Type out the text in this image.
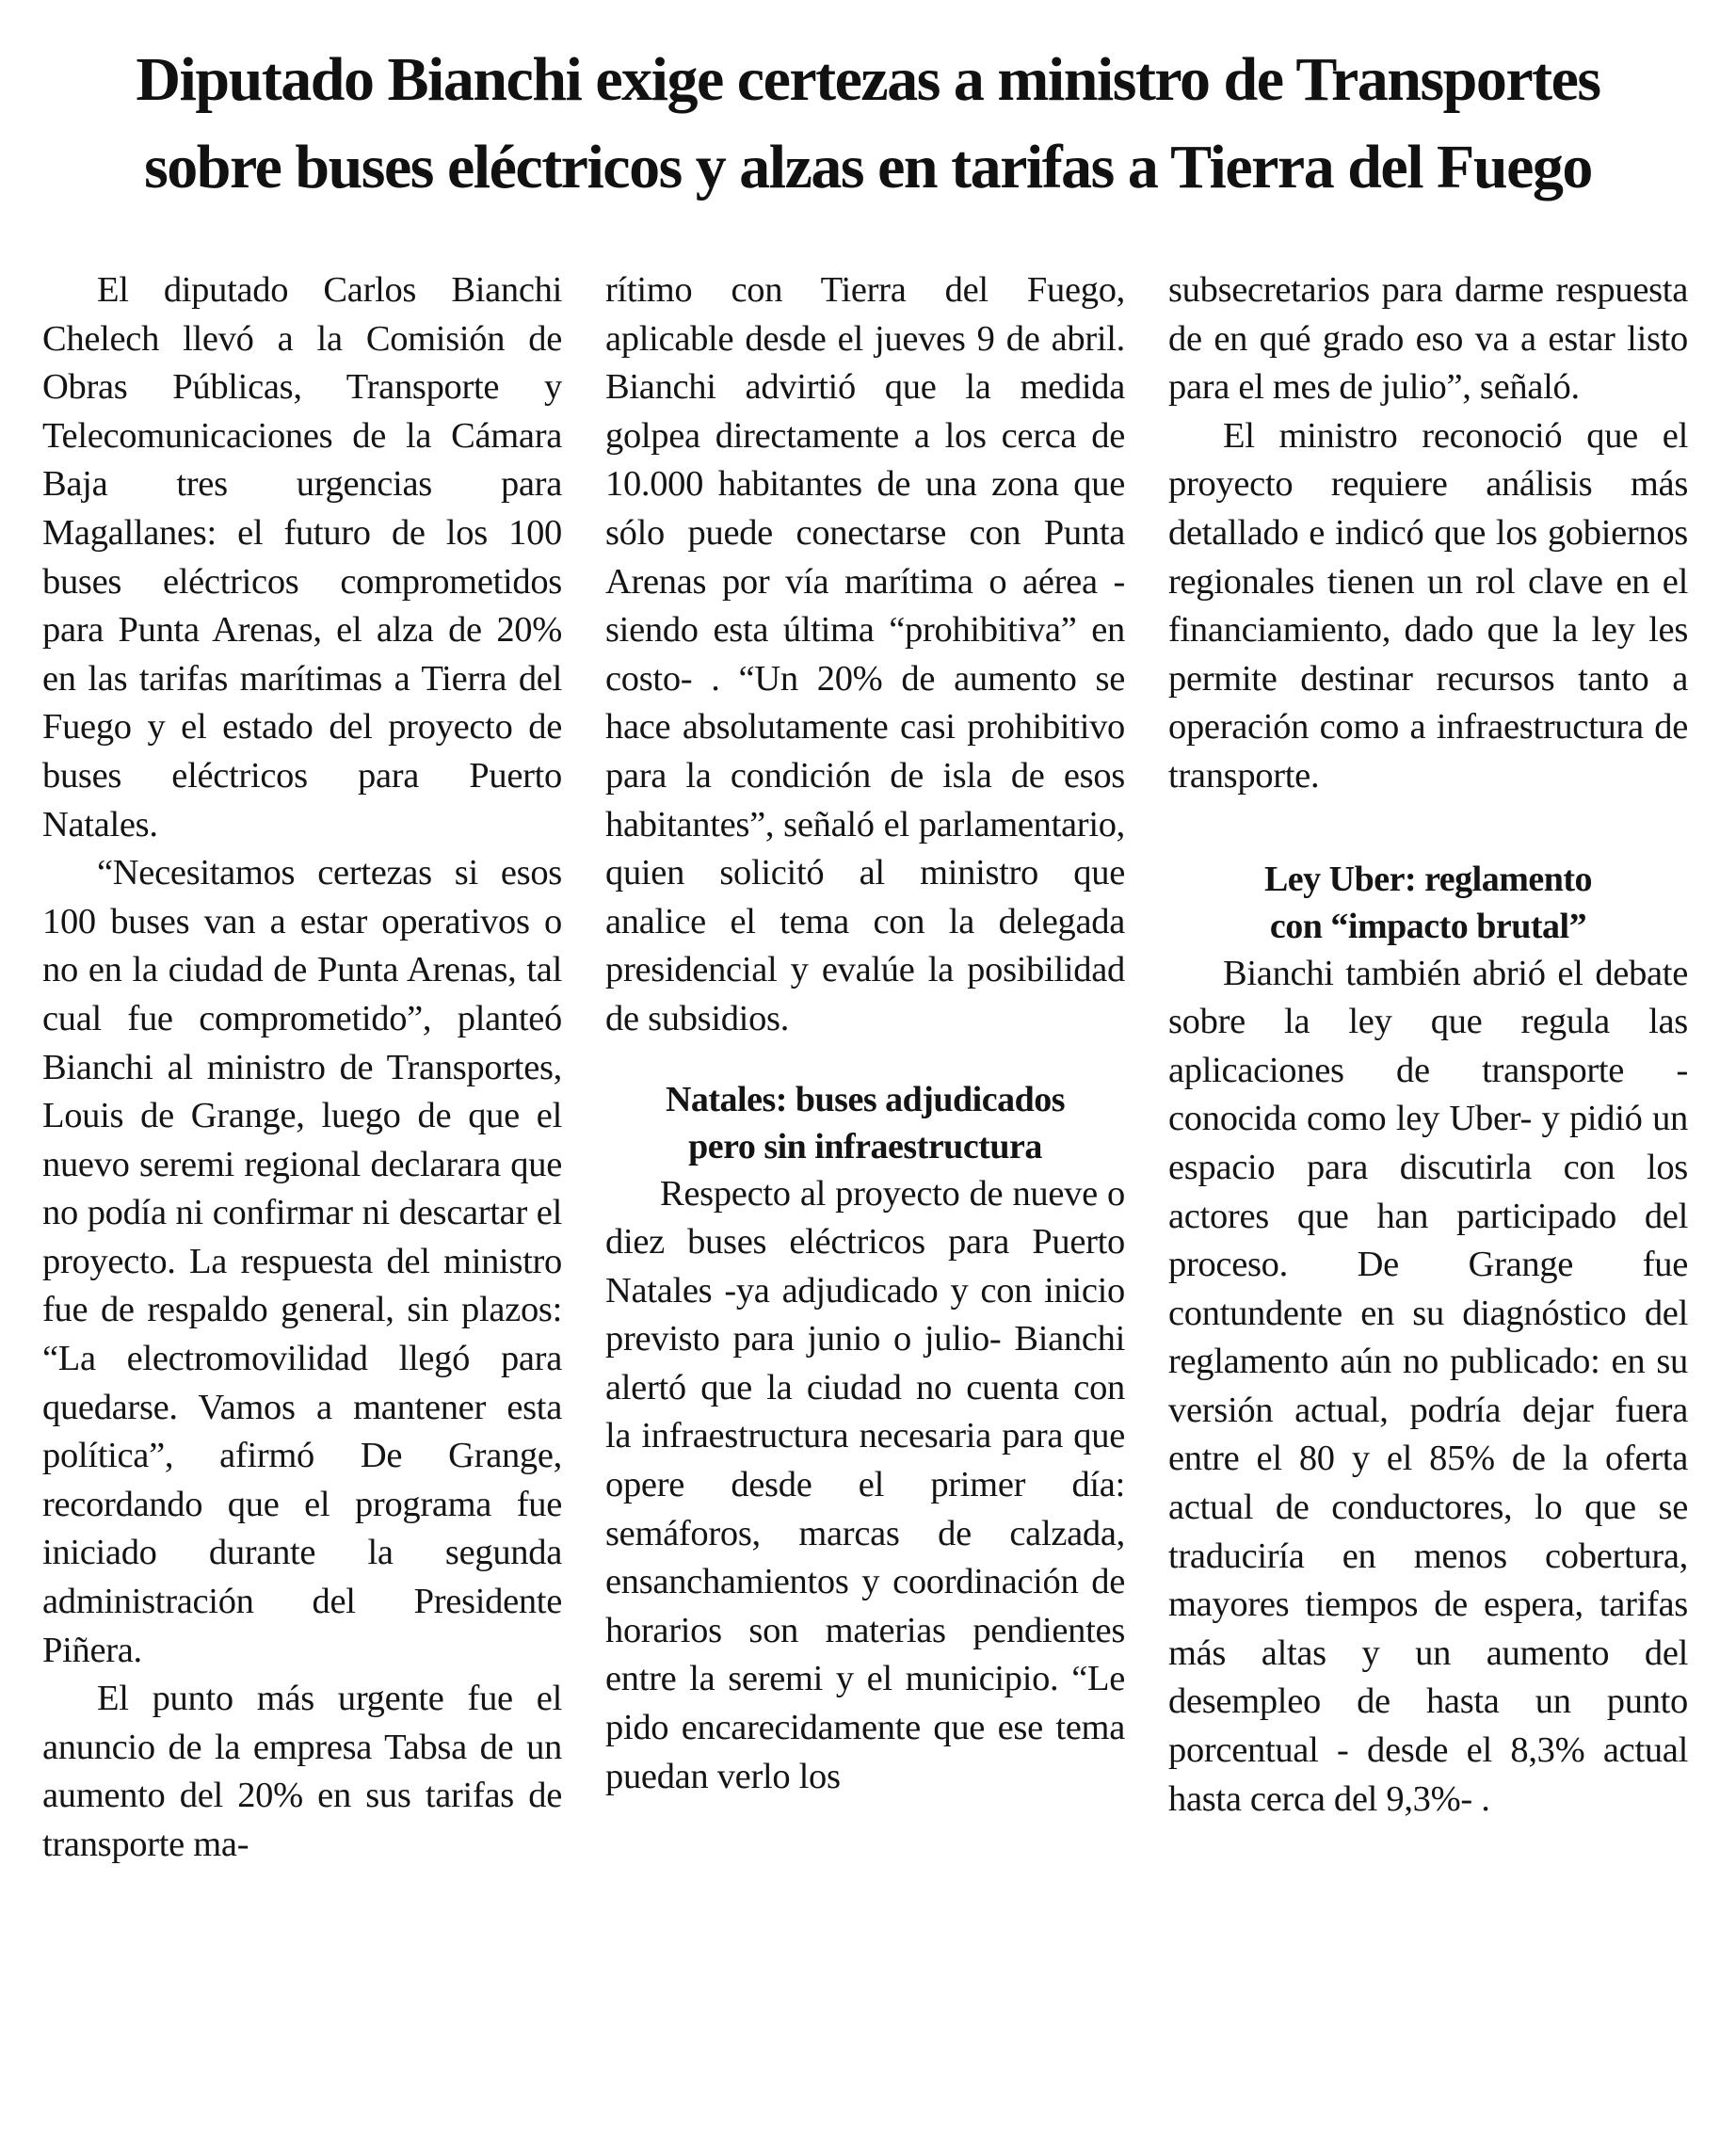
Diputado Bianchi exige certezas a ministro de Transportes
sobre buses eléctricos y alzas en tarifas a Tierra del Fuego

El diputado Carlos Bianchi Chelech llevó a la Comisión de Obras Públicas, Transporte y Telecomunicaciones de la Cámara Baja tres urgencias para Magallanes: el futuro de los 100 buses eléctricos comprometidos para Punta Arenas, el alza de 20% en las tarifas marítimas a Tierra del Fuego y el estado del proyecto de buses eléctricos para Puerto Natales.

“Necesitamos certezas si esos 100 buses van a estar operativos o no en la ciudad de Punta Arenas, tal cual fue comprometido”, planteó Bianchi al ministro de Transportes, Louis de Grange, luego de que el nuevo seremi regional declarara que no podía ni confirmar ni descartar el proyecto. La respuesta del ministro fue de respaldo general, sin plazos: “La electromovilidad llegó para quedarse. Vamos a mantener esta política”, afirmó De Grange, recordando que el programa fue iniciado durante la segunda administración del Presidente Piñera.

El punto más urgente fue el anuncio de la empresa Tabsa de un aumento del 20% en sus tarifas de transporte ma-

rítimo con Tierra del Fuego, aplicable desde el jueves 9 de abril. Bianchi advirtió que la medida golpea directamente a los cerca de 10.000 habitantes de una zona que sólo puede conectarse con Punta Arenas por vía marítima o aérea -siendo esta última “prohibitiva” en costo- . “Un 20% de aumento se hace absolutamente casi prohibitivo para la condición de isla de esos habitantes”, señaló el parlamentario, quien solicitó al ministro que analice el tema con la delegada presidencial y evalúe la posibilidad de subsidios.

Natales: buses adjudicados
pero sin infraestructura

Respecto al proyecto de nueve o diez buses eléctricos para Puerto Natales -ya adjudicado y con inicio previsto para junio o julio- Bianchi alertó que la ciudad no cuenta con la infraestructura necesaria para que opere desde el primer día: semáforos, marcas de calzada, ensanchamientos y coordinación de horarios son materias pendientes entre la seremi y el municipio. “Le pido encarecidamente que ese tema puedan verlo los

subsecretarios para darme respuesta de en qué grado eso va a estar listo para el mes de julio”, señaló.

El ministro reconoció que el proyecto requiere análisis más detallado e indicó que los gobiernos regionales tienen un rol clave en el financiamiento, dado que la ley les permite destinar recursos tanto a operación como a infraestructura de transporte.

Ley Uber: reglamento
con “impacto brutal”

Bianchi también abrió el debate sobre la ley que regula las aplicaciones de transporte - conocida como ley Uber- y pidió un espacio para discutirla con los actores que han participado del proceso. De Grange fue contundente en su diagnóstico del reglamento aún no publicado: en su versión actual, podría dejar fuera entre el 80 y el 85% de la oferta actual de conductores, lo que se traduciría en menos cobertura, mayores tiempos de espera, tarifas más altas y un aumento del desempleo de hasta un punto porcentual - desde el 8,3% actual hasta cerca del 9,3%- .
